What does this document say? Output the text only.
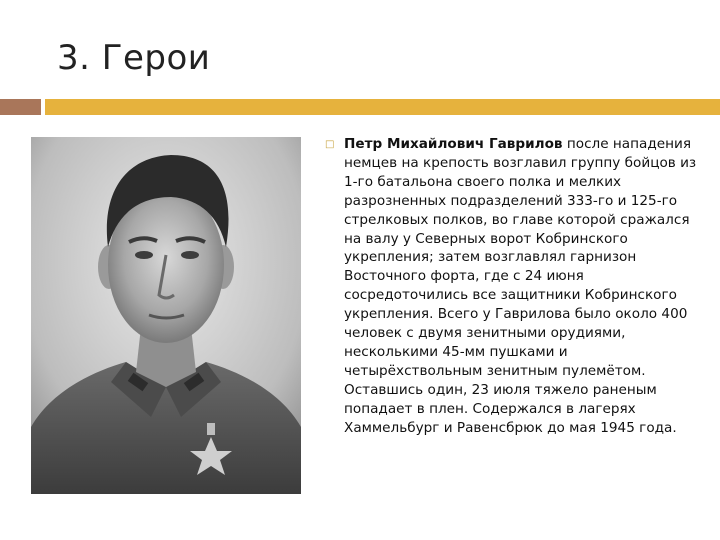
3. Герои
□ Петр Михайлович Гаврилов после нападения немцев на крепость возглавил группу бойцов из 1-го батальона своего полка и мелких разрозненных подразделений 333-го и 125-го стрелковых полков, во главе которой сражался на валу у Северных ворот Кобринского укрепления; затем возглавлял гарнизон Восточного форта, где с 24 июня сосредоточились все защитники Кобринского укрепления. Всего у Гаврилова было около 400 человек с двумя зенитными орудиями, несколькими 45-мм пушками и четырёхствольным зенитным пулемётом. Оставшись один, 23 июля тяжело раненым попадает в плен. Содержался в лагерях Хаммельбург и Равенсбрюк до мая 1945 года.
